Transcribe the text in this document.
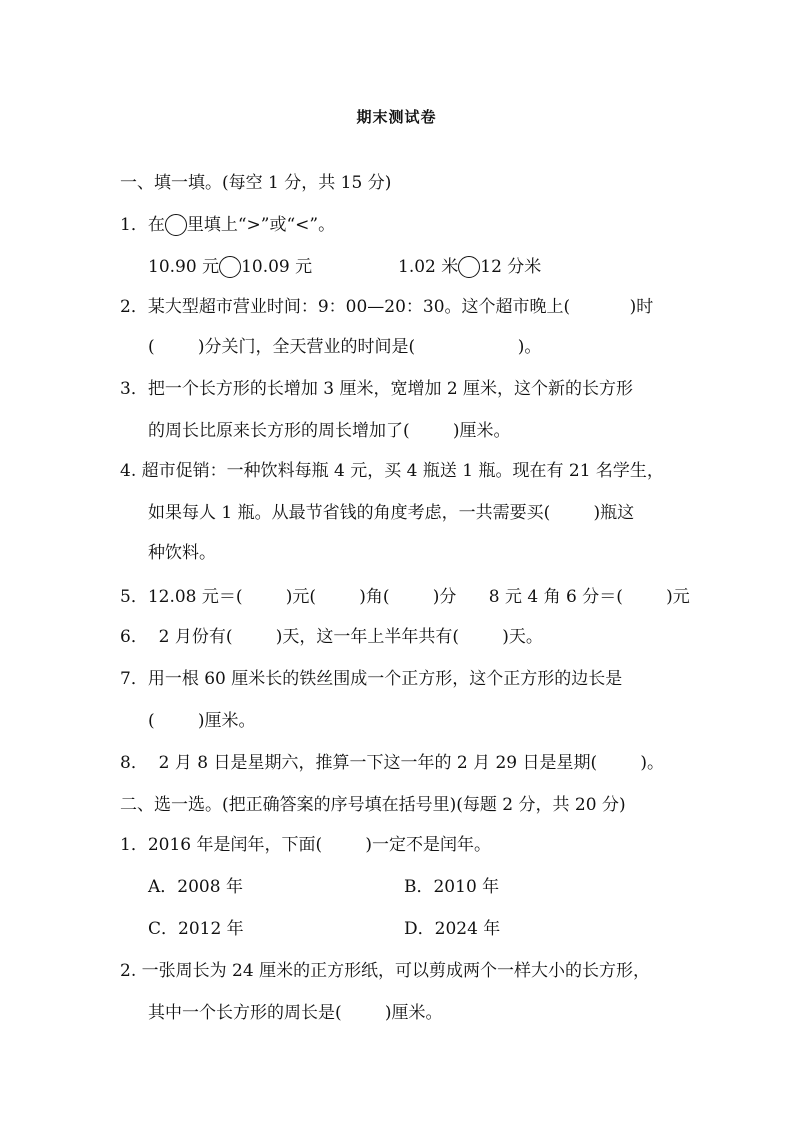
期末测试卷
一、填一填。(每空 1 分，共 15 分)
1．在 里填上“>”或“<”。
10.90 元 10.09 元	1.02 米 12 分米
2．某大型超市营业时间：9：00—20：30。这个超市晚上(           )时
(        )分关门，全天营业的时间是(                   )。
3．把一个长方形的长增加 3 厘米，宽增加 2 厘米，这个新的长方形
的周长比原来长方形的周长增加了(        )厘米。
4. 超市促销：一种饮料每瓶 4 元，买 4 瓶送 1 瓶。现在有 21 名学生，
如果每人 1 瓶。从最节省钱的角度考虑，一共需要买(        )瓶这
种饮料。
5．12.08 元＝(        )元(        )角(        )分      8 元 4 角 6 分＝(        )元
6．  2 月份有(        )天，这一年上半年共有(        )天。
7．用一根 60 厘米长的铁丝围成一个正方形，这个正方形的边长是
(        )厘米。
8．  2 月 8 日是星期六，推算一下这一年的 2 月 29 日是星期(        )。
二、选一选。(把正确答案的序号填在括号里)(每题 2 分，共 20 分)
1．2016 年是闰年，下面(        )一定不是闰年。
A．2008 年	B．2010 年
C．2012 年	D．2024 年
2. 一张周长为 24 厘米的正方形纸，可以剪成两个一样大小的长方形，
其中一个长方形的周长是(        )厘米。
